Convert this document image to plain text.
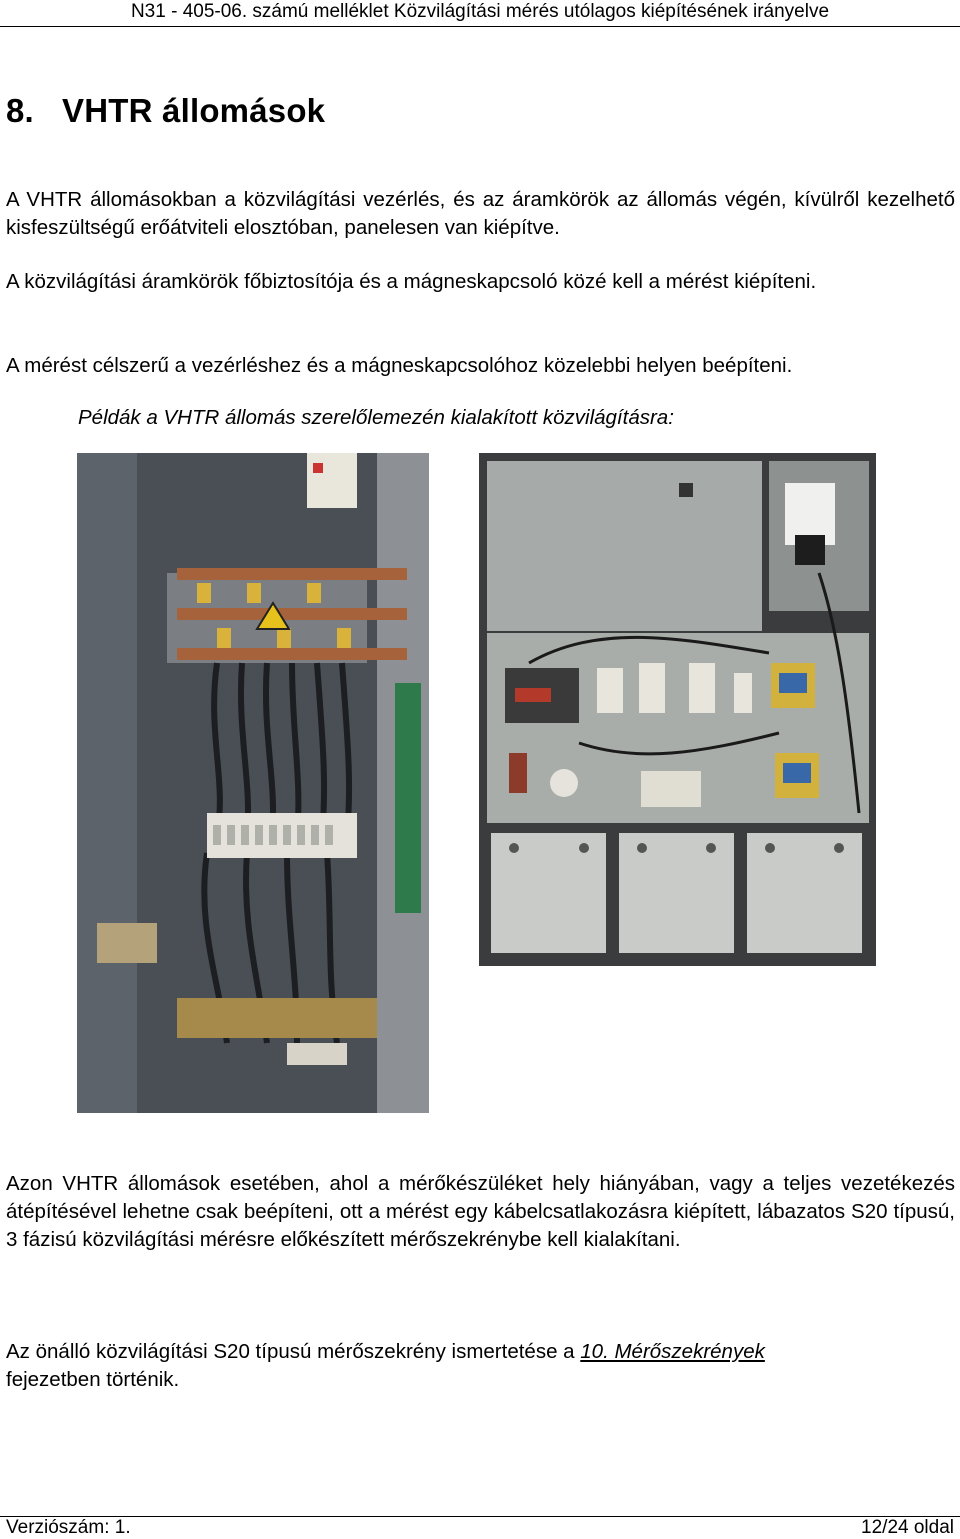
N31 - 405-06. számú melléklet Közvilágítási mérés utólagos kiépítésének irányelve
8.   VHTR állomások

A VHTR állomásokban a közvilágítási vezérlés, és az áramkörök az állomás végén, kívülről kezelhető kisfeszültségű erőátviteli elosztóban, panelesen van kiépítve.

A közvilágítási áramkörök főbiztosítója és a mágneskapcsoló közé kell a mérést kiépíteni.

A mérést célszerű a vezérléshez és a mágneskapcsolóhoz közelebbi helyen beépíteni.

Példák a VHTR állomás szerelőlemezén kialakított közvilágításra:

Azon VHTR állomások esetében, ahol a mérőkészüléket hely hiányában, vagy a teljes vezetékezés átépítésével lehetne csak beépíteni, ott a mérést egy kábelcsatlakozásra kiépített, lábazatos S20 típusú, 3 fázisú közvilágítási mérésre előkészített mérőszekrénybe kell kialakítani.

Az önálló közvilágítási S20 típusú mérőszekrény ismertetése a 10. Mérőszekrények
fejezetben történik.

Verziószám: 1.	12/24 oldal
